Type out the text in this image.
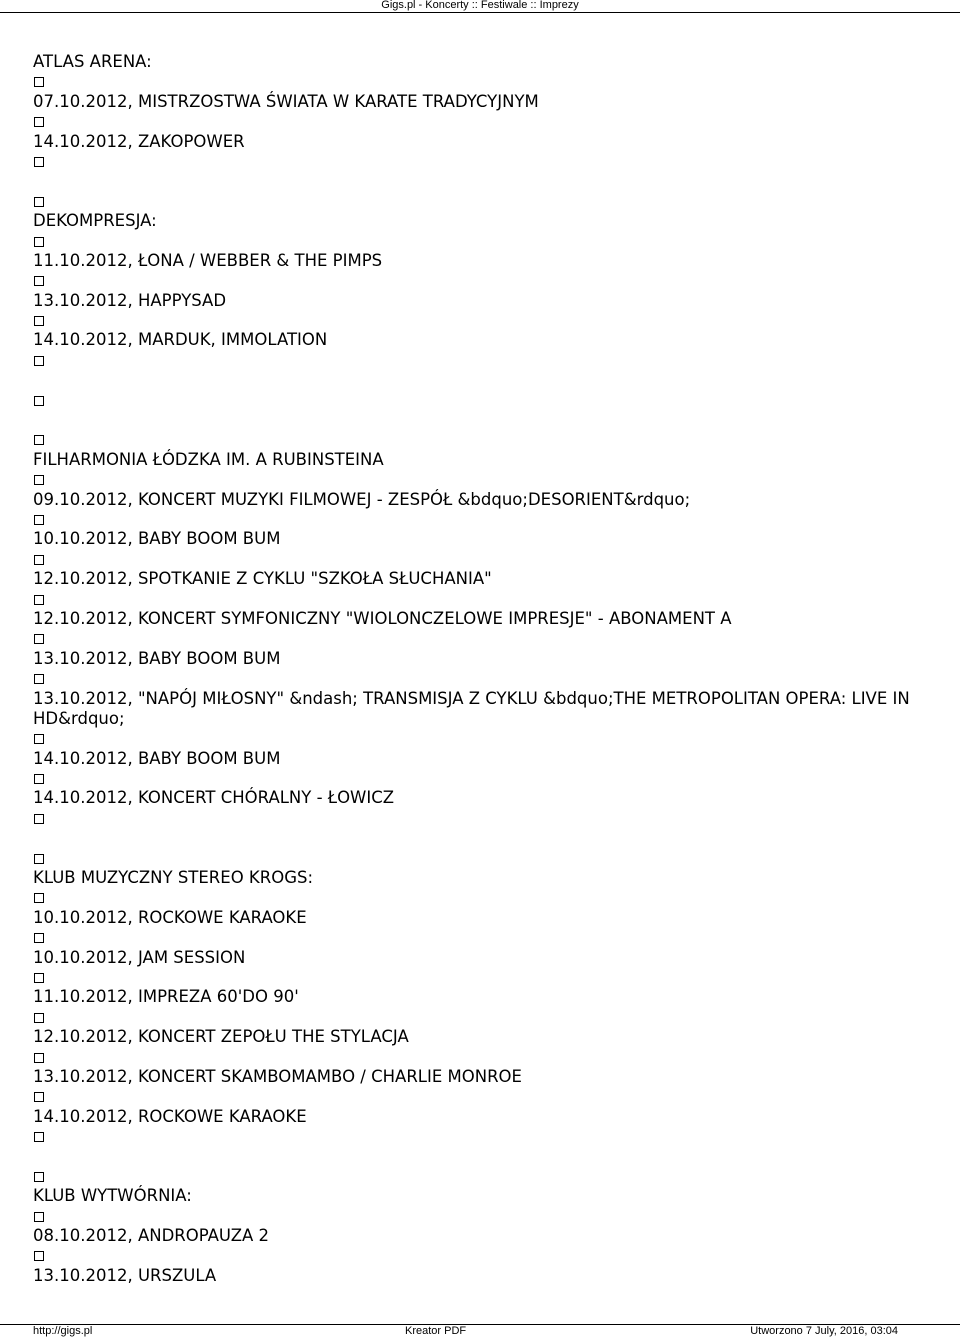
Gigs.pl - Koncerty :: Festiwale :: Imprezy
ATLAS ARENA:
07.10.2012, MISTRZOSTWA ŚWIATA W KARATE TRADYCYJNYM
14.10.2012, ZAKOPOWER
DEKOMPRESJA:
11.10.2012, ŁONA / WEBBER & THE PIMPS
13.10.2012, HAPPYSAD
14.10.2012, MARDUK, IMMOLATION
FILHARMONIA ŁÓDZKA IM. A RUBINSTEINA
09.10.2012, KONCERT MUZYKI FILMOWEJ - ZESPÓŁ &bdquo;DESORIENT&rdquo;
10.10.2012, BABY BOOM BUM
12.10.2012, SPOTKANIE Z CYKLU "SZKOŁA SŁUCHANIA"
12.10.2012, KONCERT SYMFONICZNY "WIOLONCZELOWE IMPRESJE" - ABONAMENT A
13.10.2012, BABY BOOM BUM
13.10.2012, "NAPÓJ MIŁOSNY" &ndash; TRANSMISJA Z CYKLU &bdquo;THE METROPOLITAN OPERA: LIVE IN HD&rdquo;
14.10.2012, BABY BOOM BUM
14.10.2012, KONCERT CHÓRALNY - ŁOWICZ
KLUB MUZYCZNY STEREO KROGS:
10.10.2012, ROCKOWE KARAOKE
10.10.2012, JAM SESSION
11.10.2012, IMPREZA 60'DO 90'
12.10.2012, KONCERT ZEPOŁU THE STYLACJA
13.10.2012, KONCERT SKAMBOMAMBO / CHARLIE MONROE
14.10.2012, ROCKOWE KARAOKE
KLUB WYTWÓRNIA:
08.10.2012, ANDROPAUZA 2
13.10.2012, URSZULA
http://gigs.pl	Kreator PDF	Utworzono 7 July, 2016, 03:04
